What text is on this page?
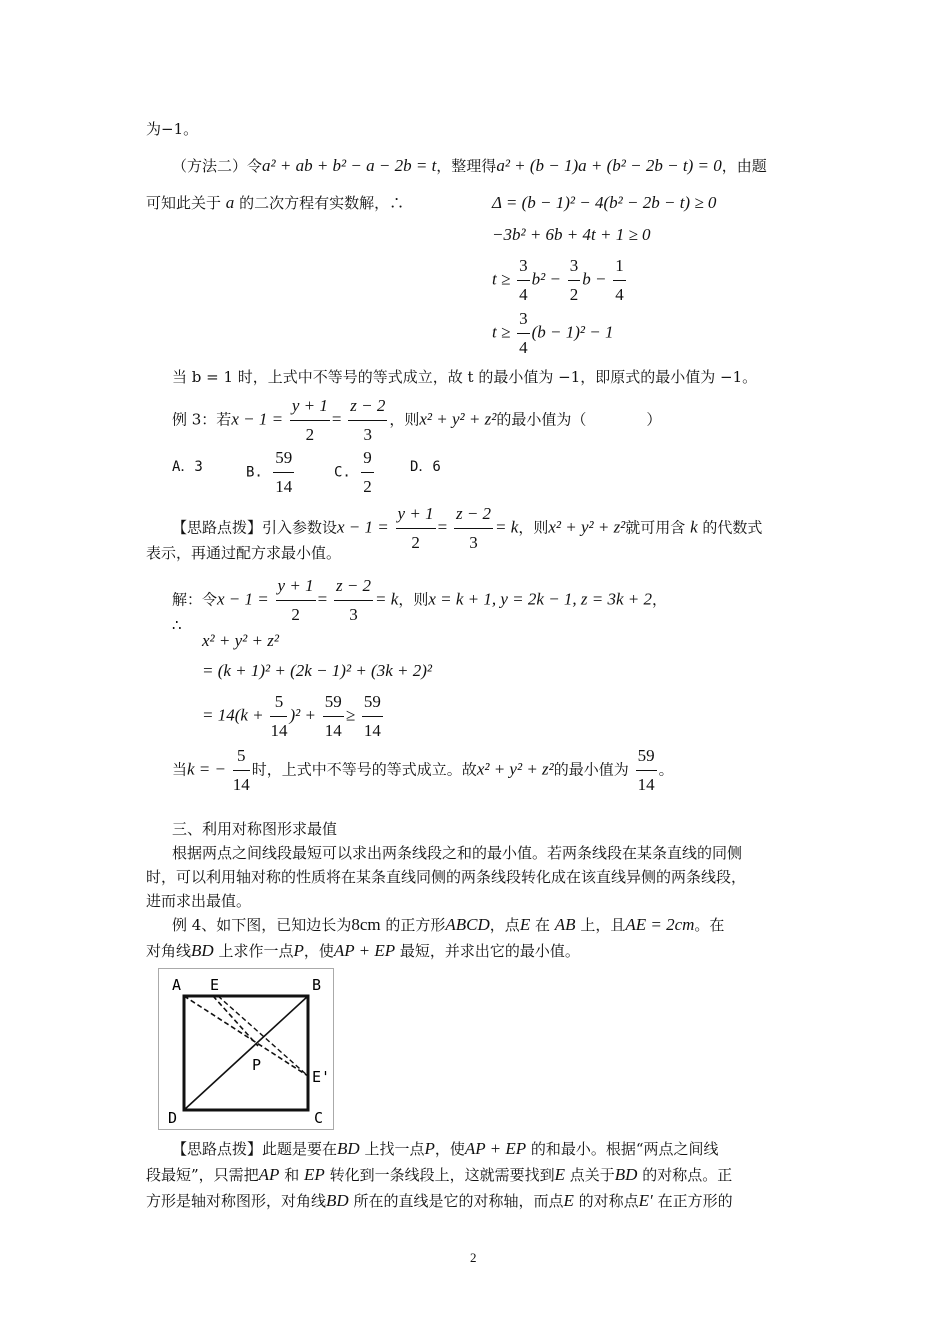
为−1。
（方法二）令a² + ab + b² − a − 2b = t，整理得a² + (b − 1)a + (b² − 2b − t) = 0，由题
可知此关于 a 的二次方程有实数解，∴	Δ = (b − 1)² − 4(b² − 2b − t) ≥ 0
−3b² + 6b + 4t + 1 ≥ 0
$t \ge \frac{3}{4} b^2 - \frac{3}{2}$ $b - \frac{1}{4}$
$t \ge \frac{3}{4} (b - 1)^2 - 1$
当 b = 1 时，上式中不等号的等式成立，故 t 的最小值为 −1，即原式的最小值为 −1。
例 3：若$x - 1 = \frac{y + 1}{2} = \frac{z - 2}{3}$ ，则x² + y² + z²的最小值为（　　　　）
A．3	B. $\frac{59}{14}$	C. $\frac{9}{2}$	D．6
【思路点拨】引入参数设$x - 1 = \frac{y + 1}{2} = \frac{z - 2}{3} = k$，则x² + y² + z²就可用含 k 的代数式
表示，再通过配方求最小值。
解：令$x - 1 = \frac{y + 1}{2} = \frac{z - 2}{3} = k$，则x = k + 1, y = 2k − 1, z = 3k + 2，
∴
x² + y² + z²
= (k + 1)² + (2k − 1)² + (3k + 2)²
= $14(k + \frac{5}{14} )^2 + \frac{59}{14} \ge \frac{59}{14}$
当k = − $\frac{5}{14}$ 时，上式中不等号的等式成立。故x² + y² + z²的最小值为 $\frac{59}{14}$ 。
三、利用对称图形求最值
根据两点之间线段最短可以求出两条线段之和的最小值。若两条线段在某条直线的同侧
时，可以利用轴对称的性质将在某条直线同侧的两条线段转化成在该直线异侧的两条线段，
进而求出最值。
例 4、如下图，已知边长为8cm 的正方形ABCD，点E 在 AB 上，且AE = 2cm。在
对角线BD 上求作一点P，使AP + EP 最短，并求出它的最小值。
A E	B
P
E'
D	C
【思路点拨】此题是要在BD 上找一点P，使AP + EP 的和最小。根据“两点之间线
段最短”，只需把AP 和 EP 转化到一条线段上，这就需要找到E 点关于BD 的对称点。正
方形是轴对称图形，对角线BD 所在的直线是它的对称轴，而点E 的对称点E′ 在正方形的
2
